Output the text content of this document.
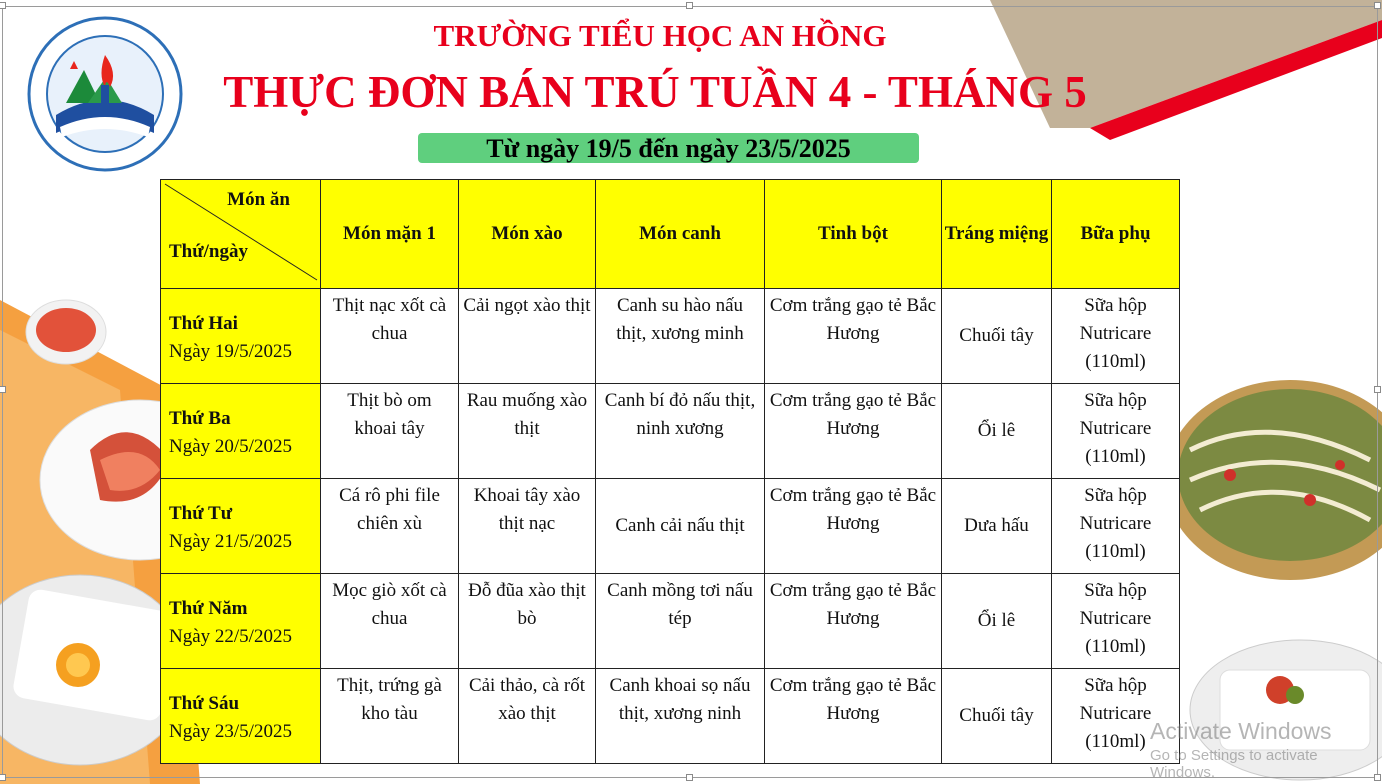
TRƯỜNG TIỂU HỌC AN HỒNG
THỰC ĐƠN BÁN TRÚ TUẦN 4 - THÁNG 5
Từ ngày 19/5 đến ngày 23/5/2025
Món ăn
Thứ/ngày	Món mặn 1	Món xào	Món canh	Tinh bột	Tráng miệng	Bữa phụ

Thứ Hai
Ngày 19/5/2025	Thịt nạc xốt cà chua	Cải ngọt xào thịt	Canh su hào nấu thịt, xương minh	Cơm trắng gạo tẻ Bắc Hương	Chuối tây	Sữa hộp Nutricare (110ml)

Thứ Ba
Ngày 20/5/2025	Thịt bò om khoai tây	Rau muống xào thịt	Canh bí đỏ nấu thịt, ninh xương	Cơm trắng gạo tẻ Bắc Hương	Ổi lê	Sữa hộp Nutricare (110ml)

Thứ Tư
Ngày 21/5/2025	Cá rô phi file chiên xù	Khoai tây xào thịt nạc	Canh cải nấu thịt	Cơm trắng gạo tẻ Bắc Hương	Dưa hấu	Sữa hộp Nutricare (110ml)

Thứ Năm
Ngày 22/5/2025	Mọc giò xốt cà chua	Đỗ đũa xào thịt bò	Canh mồng tơi nấu tép	Cơm trắng gạo tẻ Bắc Hương	Ổi lê	Sữa hộp Nutricare (110ml)

Thứ Sáu
Ngày 23/5/2025	Thịt, trứng gà kho tàu	Cải thảo, cà rốt xào thịt	Canh khoai sọ nấu thịt, xương ninh	Cơm trắng gạo tẻ Bắc Hương	Chuối tây	Sữa hộp Nutricare (110ml) Activate Windows
Go to Settings to activate Windows.
